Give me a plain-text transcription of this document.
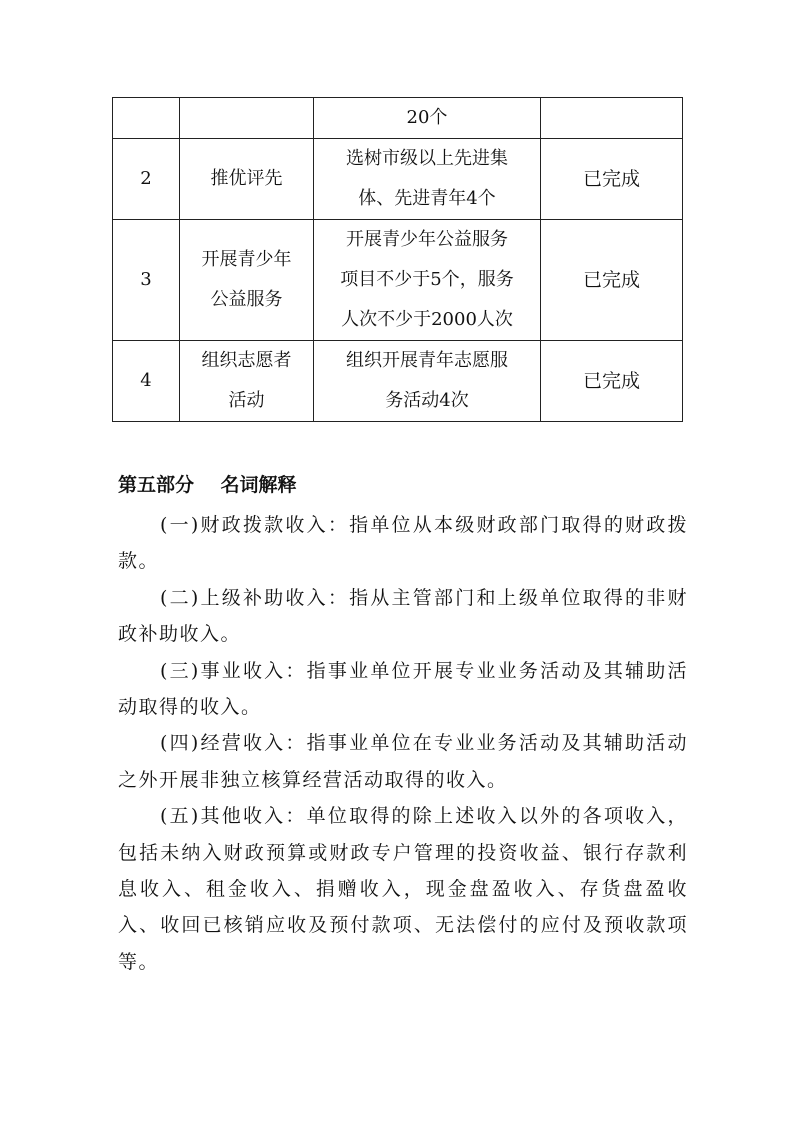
		20个	

2	推优评先	选树市级以上先进集
体、先进青年4个	已完成
3	开展青少年
公益服务	开展青少年公益服务
项目不少于5个，服务
人次不少于2000人次	已完成
4	组织志愿者
活动	组织开展青年志愿服
务活动4次	已完成
第五部分    名词解释

(一)财政拨款收入：指单位从本级财政部门取得的财政拨款。

(二)上级补助收入：指从主管部门和上级单位取得的非财政补助收入。

(三)事业收入：指事业单位开展专业业务活动及其辅助活动取得的收入。

(四)经营收入：指事业单位在专业业务活动及其辅助活动之外开展非独立核算经营活动取得的收入。

(五)其他收入：单位取得的除上述收入以外的各项收入，包括未纳入财政预算或财政专户管理的投资收益、银行存款利息收入、租金收入、捐赠收入，现金盘盈收入、存货盘盈收入、收回已核销应收及预付款项、无法偿付的应付及预收款项等。
